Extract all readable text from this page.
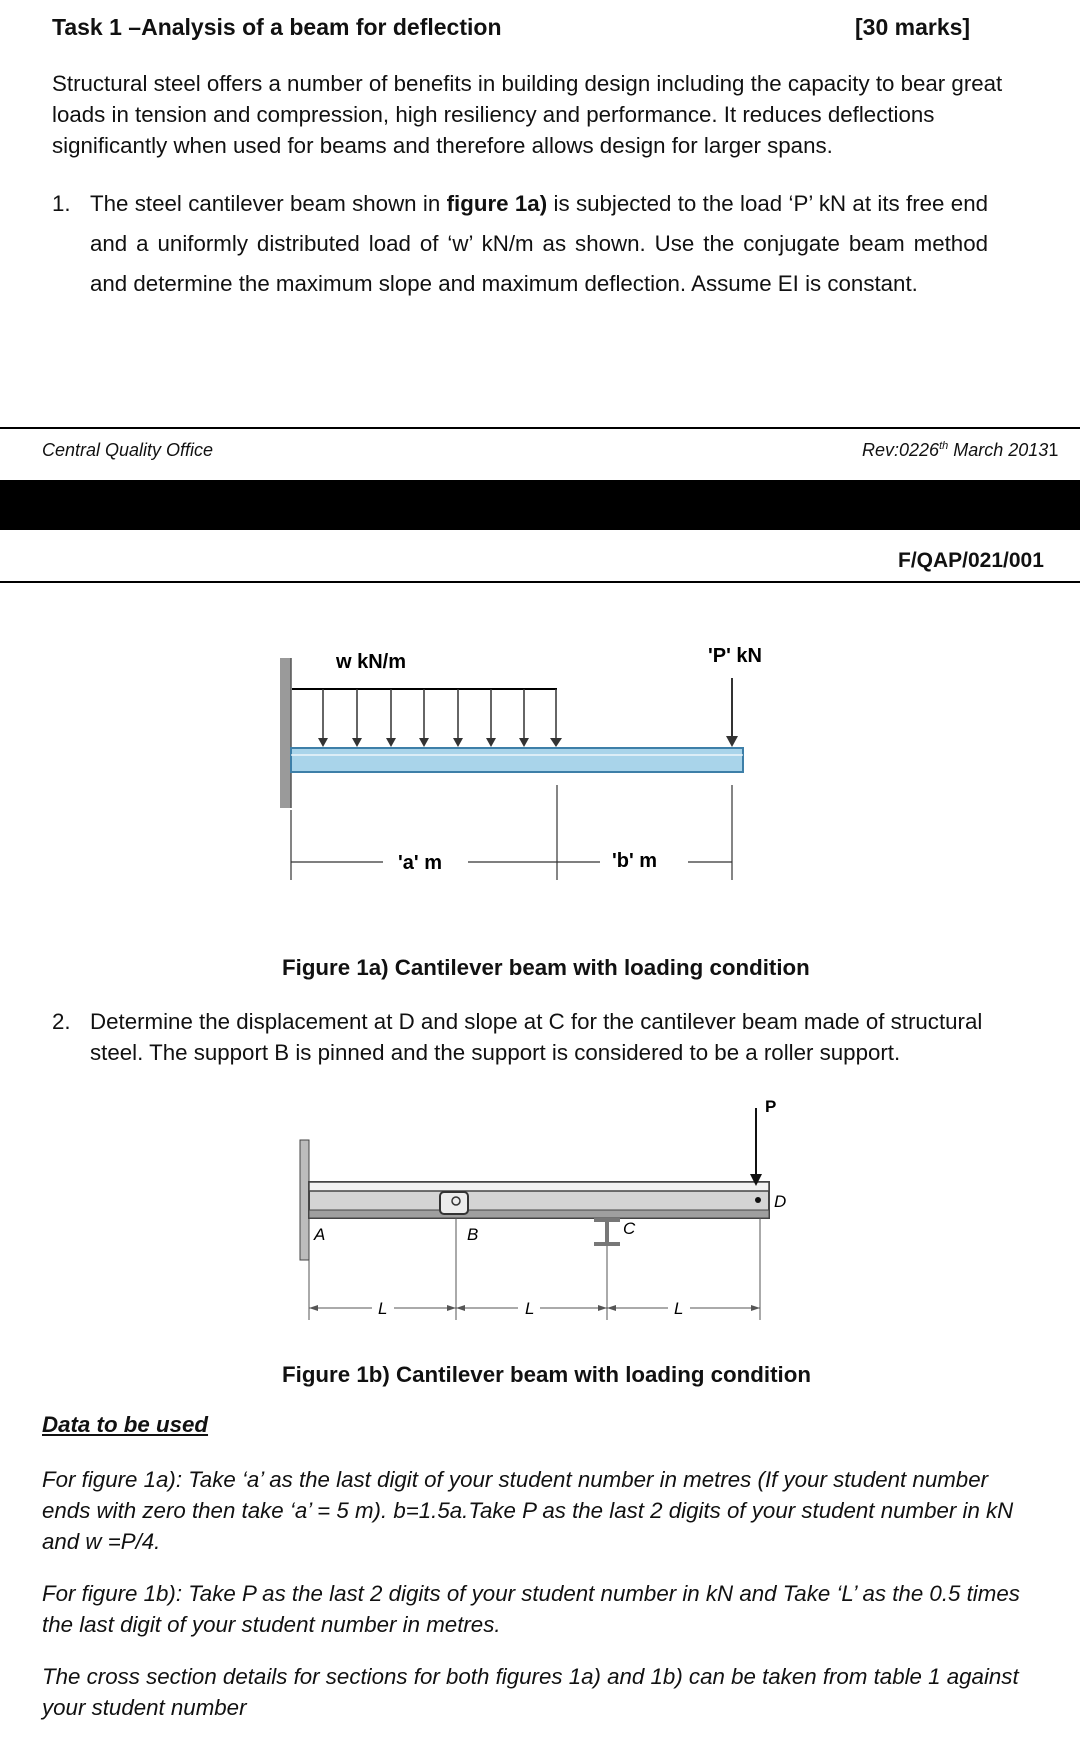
Task 1 –Analysis of a beam for deflection	[30 marks]
Structural steel offers a number of benefits in building design including the capacity to bear great loads in tension and compression, high resiliency and performance. It reduces deflections significantly when used for beams and therefore allows design for larger spans.
1. The steel cantilever beam shown in figure 1a) is subjected to the load ‘P’ kN at its free end and a uniformly distributed load of ‘w’ kN/m as shown. Use the conjugate beam method and determine the maximum slope and maximum deflection. Assume EI is constant.
Central Quality Office	Rev:0226th March 20131
F/QAP/021/001
w kN/m	'P' kN
'a' m	'b' m
Figure 1a) Cantilever beam with loading condition
2. Determine the displacement at D and slope at C for the cantilever beam made of structural steel. The support B is pinned and the support is considered to be a roller support.
P
A	B	C
D
L	L	L
Figure 1b) Cantilever beam with loading condition
Data to be used
For figure 1a): Take ‘a’ as the last digit of your student number in metres (If your student number ends with zero then take ‘a’ = 5 m). b=1.5a.Take P as the last 2 digits of your student number in kN and w =P/4.
For figure 1b): Take P as the last 2 digits of your student number in kN and Take ‘L’ as the 0.5 times the last digit of your student number in metres.
The cross section details for sections for both figures 1a) and 1b) can be taken from table 1 against your student number
